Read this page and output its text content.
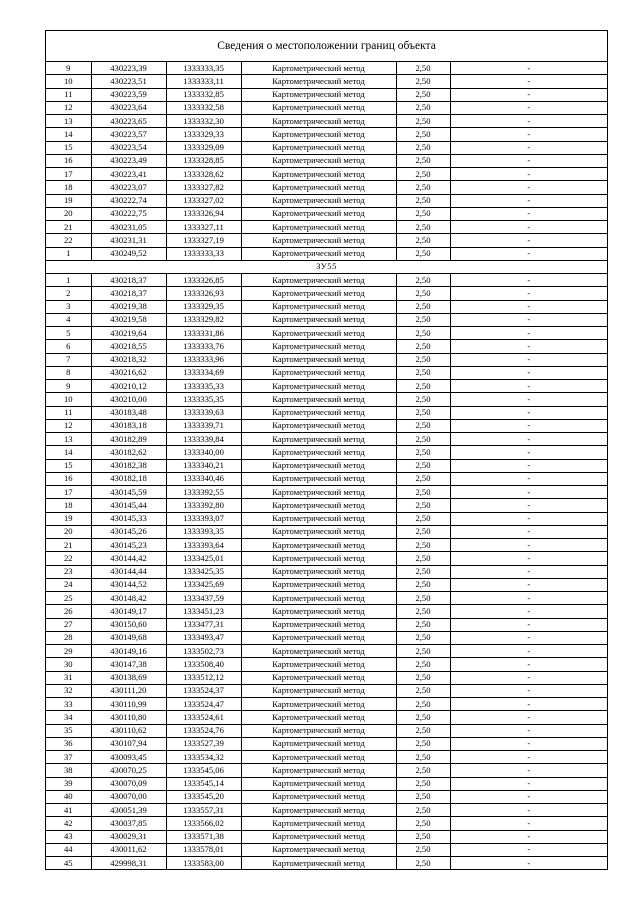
Сведения о местоположении границ объекта
9	430223,39	1333333,35	Картометрический метод	2,50	-
10	430223,51	1333333,11	Картометрический метод	2,50	-
11	430223,59	1333332,85	Картометрический метод	2,50	-
12	430223,64	1333332,58	Картометрический метод	2,50	-
13	430223,65	1333332,30	Картометрический метод	2,50	-
14	430223,57	1333329,33	Картометрический метод	2,50	-
15	430223,54	1333329,09	Картометрический метод	2,50	-
16	430223,49	1333328,85	Картометрический метод	2,50	-
17	430223,41	1333328,62	Картометрический метод	2,50	-
18	430223,07	1333327,82	Картометрический метод	2,50	-
19	430222,74	1333327,02	Картометрический метод	2,50	-
20	430222,75	1333326,94	Картометрический метод	2,50	-
21	430231,05	1333327,11	Картометрический метод	2,50	-
22	430231,31	1333327,19	Картометрический метод	2,50	-
1	430249,52	1333333,33	Картометрический метод	2,50	-
ЗУ55					
1	430218,37	1333326,85	Картометрический метод	2,50	-
2	430218,37	1333326,93	Картометрический метод	2,50	-
3	430219,38	1333329,35	Картометрический метод	2,50	-
4	430219,58	1333329,82	Картометрический метод	2,50	-
5	430219,64	1333331,86	Картометрический метод	2,50	-
6	430218,55	1333333,76	Картометрический метод	2,50	-
7	430218,32	1333333,96	Картометрический метод	2,50	-
8	430216,62	1333334,69	Картометрический метод	2,50	-
9	430210,12	1333335,33	Картометрический метод	2,50	-
10	430210,00	1333335,35	Картометрический метод	2,50	-
11	430183,48	1333339,63	Картометрический метод	2,50	-
12	430183,18	1333339,71	Картометрический метод	2,50	-
13	430182,89	1333339,84	Картометрический метод	2,50	-
14	430182,62	1333340,00	Картометрический метод	2,50	-
15	430182,38	1333340,21	Картометрический метод	2,50	-
16	430182,18	1333340,46	Картометрический метод	2,50	-
17	430145,59	1333392,55	Картометрический метод	2,50	-
18	430145,44	1333392,80	Картометрический метод	2,50	-
19	430145,33	1333393,07	Картометрический метод	2,50	-
20	430145,26	1333393,35	Картометрический метод	2,50	-
21	430145,23	1333393,64	Картометрический метод	2,50	-
22	430144,42	1333425,01	Картометрический метод	2,50	-
23	430144,44	1333425,35	Картометрический метод	2,50	-
24	430144,52	1333425,69	Картометрический метод	2,50	-
25	430148,42	1333437,59	Картометрический метод	2,50	-
26	430149,17	1333451,23	Картометрический метод	2,50	-
27	430150,60	1333477,31	Картометрический метод	2,50	-
28	430149,68	1333493,47	Картометрический метод	2,50	-
29	430149,16	1333502,73	Картометрический метод	2,50	-
30	430147,38	1333508,40	Картометрический метод	2,50	-
31	430138,69	1333512,12	Картометрический метод	2,50	-
32	430111,20	1333524,37	Картометрический метод	2,50	-
33	430110,99	1333524,47	Картометрический метод	2,50	-
34	430110,80	1333524,61	Картометрический метод	2,50	-
35	430110,62	1333524,76	Картометрический метод	2,50	-
36	430107,94	1333527,39	Картометрический метод	2,50	-
37	430093,45	1333534,32	Картометрический метод	2,50	-
38	430070,25	1333545,06	Картометрический метод	2,50	-
39	430070,09	1333545,14	Картометрический метод	2,50	-
40	430070,00	1333545,20	Картометрический метод	2,50	-
41	430051,39	1333557,31	Картометрический метод	2,50	-
42	430037,85	1333566,02	Картометрический метод	2,50	-
43	430029,31	1333571,38	Картометрический метод	2,50	-
44	430011,62	1333578,01	Картометрический метод	2,50	-
45	429998,31	1333583,00	Картометрический метод	2,50	-
